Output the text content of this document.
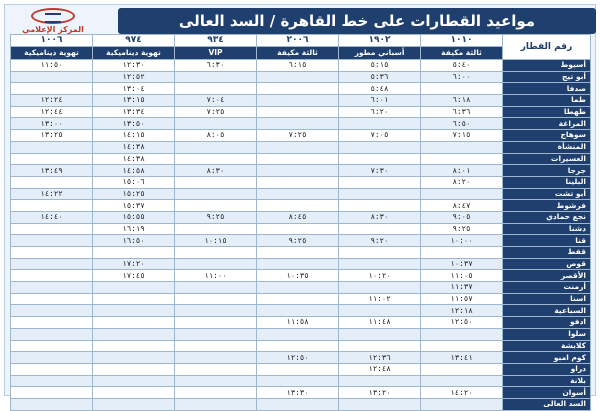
المركز الإعلامي	مواعيد القطارات على خط القاهرة / السد العالى
رقم القطار	١٠١٠	١٩٠٢	٢٠٠٦	٩٣٤	٩٧٤	١٠٠٦
	ثالثة مكيفة	أسباني مطور	ثالثة مكيفة	VIP	تهوية ديناميكية	تهوية ديناميكية
أسيوط	٥:٤٠	٥:١٥	٦:١٥	٦:٣٠	١٢:٣٠	١١:٥٠
أبو تيج	٦:٠٠	٥:٣٦			١٢:٥٢	
صدفا		٥:٤٨			١٣:٠٤	
طما	٦:١٨	٦:٠١		٧:٠٤	١٣:١٥	١٢:٢٤
طهطا	٦:٣٦	٦:٢٠		٧:٢٥	١٣:٣٤	١٢:٤٤
المراغة	٦:٥٠				١٣:٥٠	١٣:٠٠
سوهاج	٧:١٥	٧:٠٥	٧:٢٥	٨:٠٥	١٤:١٥	١٣:٢٥
المنشأة					١٤:٣٨	
العسيرات					١٤:٣٨	
جرجا	٨:٠١	٧:٣٠		٨:٣٠	١٤:٥٨	١٣:٤٩
البلينا	٨:٢٠				١٥:٠٦	
أبو تشت					١٥:٢٥	١٤:٢٢
فرشوط	٨:٤٧				١٥:٣٧	
نجع حمادي	٩:٠٥	٨:٣٠	٨:٤٥	٩:٢٥	١٥:٥٥	١٤:٤٠
دشنا	٩:٢٥				١٦:١٩	
قنا	١٠:٠٠	٩:٢٠	٩:٢٥	١٠:١٥	١٦:٥٠	
قفط						
قوص	١٠:٣٧				١٧:٢٠	
الأقصر	١١:٠٥	١٠:٢٠	١٠:٣٥	١١:٠٠	١٧:٤٥	
أرمنت	١١:٣٧					
اسنا	١١:٥٧	١١:٠٢				
السباعية	١٢:١٨					
ادفو	١٢:٥٠	١١:٤٨	١١:٥٨			
سلوا						
كلابشة						
كوم امبو	١٣:٤١	١٢:٣٦	١٢:٥٠			
دراو		١٢:٤٨				
بلانة						
أسوان	١٤:٢٠	١٣:٢٠	١٣:٣٠			
السد العالى						
